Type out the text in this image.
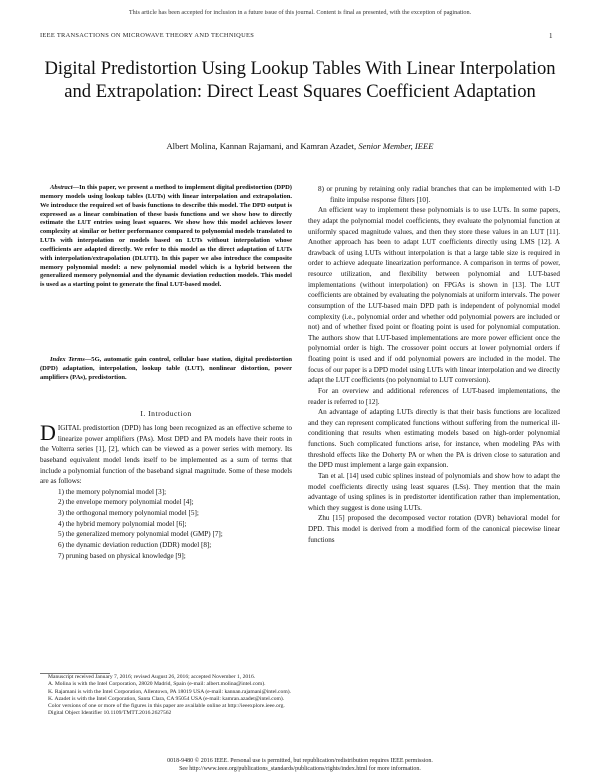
This article has been accepted for inclusion in a future issue of this journal. Content is final as presented, with the exception of pagination.
IEEE TRANSACTIONS ON MICROWAVE THEORY AND TECHNIQUES	1
Digital Predistortion Using Lookup Tables With Linear Interpolation and Extrapolation: Direct Least Squares Coefficient Adaptation
Albert Molina, Kannan Rajamani, and Kamran Azadet, Senior Member, IEEE

Abstract—In this paper, we present a method to implement digital predistortion (DPD) memory models using lookup tables (LUTs) with linear interpolation and extrapolation. We introduce the required set of basis functions to describe this model. The DPD output is expressed as a linear combination of these basis functions and we show how to directly estimate the LUT entries using least squares. We show how this model achieves lower complexity at similar or better performance compared to polynomial models translated to LUTs with interpolation or models based on LUTs without interpolation whose coefficients are adapted directly. We refer to this model as the direct adaptation of LUTs with interpolation/extrapolation (DLUTI). In this paper we also introduce the composite memory polynomial model: a new polynomial model which is a hybrid between the generalized memory polynomial and the dynamic deviation reduction models. This model is used as a starting point to generate the final LUT-based model.

Index Terms—5G, automatic gain control, cellular base station, digital predistortion (DPD) adaptation, interpolation, lookup table (LUT), nonlinear distortion, power amplifiers (PAs), predistortion.

I. Introduction

DIGITAL predistortion (DPD) has long been recognized as an effective scheme to linearize power amplifiers (PAs). Most DPD and PA models have their roots in the Volterra series [1], [2], which can be viewed as a power series with memory. Its baseband equivalent model lends itself to be implemented as a sum of terms that include a polynomial function of the baseband signal magnitude. Some of these models are as follows:

1) the memory polynomial model [3];
2) the envelope memory polynomial model [4];
3) the orthogonal memory polynomial model [5];
4) the hybrid memory polynomial model [6];
5) the generalized memory polynomial model (GMP) [7];
6) the dynamic deviation reduction (DDR) model [8];
7) pruning based on physical knowledge [9];

Manuscript received January 7, 2016; revised August 26, 2016; accepted November 1, 2016.

A. Molina is with the Intel Corporation, 28020 Madrid, Spain (e-mail: albert.molina@intel.com).

K. Rajamani is with the Intel Corporation, Allentown, PA 18019 USA (e-mail: kannan.rajamani@intel.com).

K. Azadet is with the Intel Corporation, Santa Clara, CA 95054 USA (e-mail: kamran.azadet@intel.com).

Color versions of one or more of the figures in this paper are available online at http://ieeexplore.ieee.org.

Digital Object Identifier 10.1109/TMTT.2016.2627562

8) or pruning by retaining only radial branches that can be implemented with 1-D finite impulse response filters [10].

An efficient way to implement these polynomials is to use LUTs. In some papers, they adapt the polynomial model coefficients, they evaluate the polynomial function at uniformly spaced magnitude values, and then they store these values in an LUT [11]. Another approach has been to adapt LUT coefficients directly using LMS [12]. A drawback of using LUTs without interpolation is that a large table size is required in order to achieve adequate linearization performance. A comparison in terms of power, resource utilization, and flexibility between polynomial and LUT-based implementations (without interpolation) on FPGAs is shown in [13]. The LUT coefficients are obtained by evaluating the polynomials at uniform intervals. The power consumption of the LUT-based main DPD path is independent of polynomial model complexity (i.e., polynomial order and whether odd polynomial powers are included or not) and of whether fixed point or floating point is used for polynomial computation. The authors show that LUT-based implementations are more power efficient once the polynomial order is high. The crossover point occurs at lower polynomial orders if floating point is used and if odd polynomial powers are included in the model. The focus of our paper is a DPD model using LUTs with linear interpolation and we directly adapt the LUT coefficients (no polynomial to LUT conversion).

For an overview and additional references of LUT-based implementations, the reader is referred to [12].

An advantage of adapting LUTs directly is that their basis functions are localized and they can represent complicated functions without suffering from the numerical ill-conditioning that results when estimating models based on high-order polynomial functions. Such complicated functions arise, for instance, when modeling PAs with threshold effects like the Doherty PA or when the PA is driven close to saturation and the DPD must implement a large gain expansion.

Tan et al. [14] used cubic splines instead of polynomials and show how to adapt the model coefficients directly using least squares (LSs). They mention that the main advantage of using splines is in predistorter identification rather than implementation, which they suggest is done using LUTs.

Zhu [15] proposed the decomposed vector rotation (DVR) behavioral model for DPD. This model is derived from a modified form of the canonical piecewise linear functions

0018-9480 © 2016 IEEE. Personal use is permitted, but republication/redistribution requires IEEE permission.
See http://www.ieee.org/publications_standards/publications/rights/index.html for more information.
